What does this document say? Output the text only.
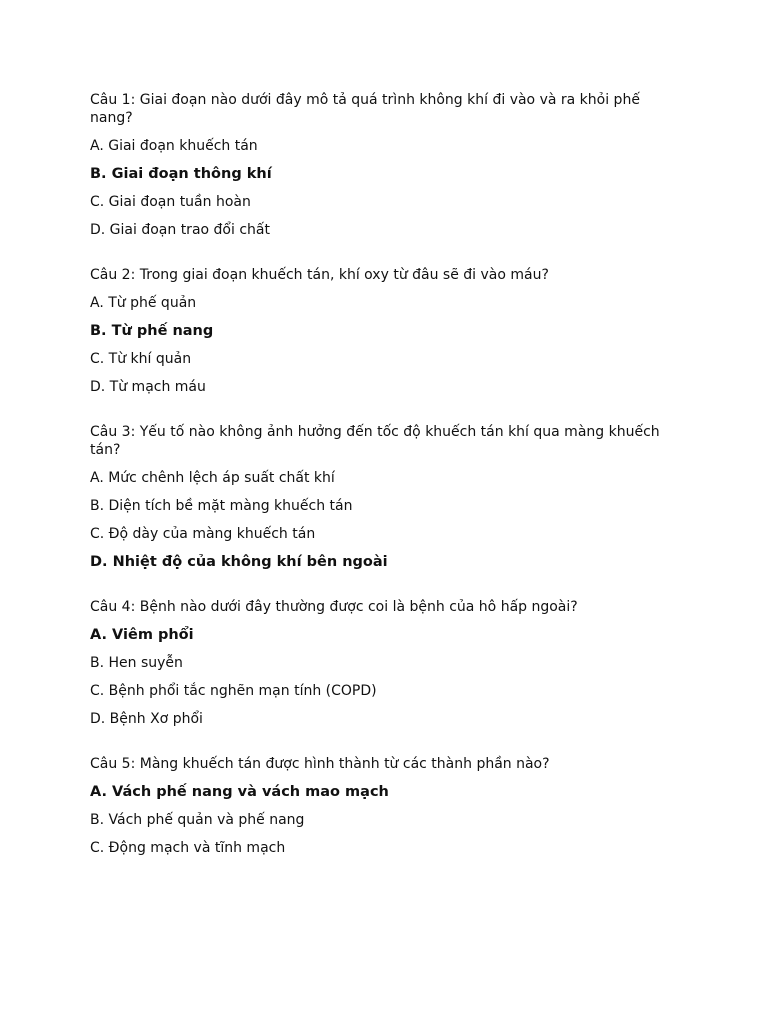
Câu 1: Giai đoạn nào dưới đây mô tả quá trình không khí đi vào và ra khỏi phế nang?

A. Giai đoạn khuếch tán

B. Giai đoạn thông khí

C. Giai đoạn tuần hoàn

D. Giai đoạn trao đổi chất

Câu 2: Trong giai đoạn khuếch tán, khí oxy từ đâu sẽ đi vào máu?

A. Từ phế quản

B. Từ phế nang

C. Từ khí quản

D. Từ mạch máu

Câu 3: Yếu tố nào không ảnh hưởng đến tốc độ khuếch tán khí qua màng khuếch tán?

A. Mức chênh lệch áp suất chất khí

B. Diện tích bề mặt màng khuếch tán

C. Độ dày của màng khuếch tán

D. Nhiệt độ của không khí bên ngoài

Câu 4: Bệnh nào dưới đây thường được coi là bệnh của hô hấp ngoài?

A. Viêm phổi

B. Hen suyễn

C. Bệnh phổi tắc nghẽn mạn tính (COPD)

D. Bệnh Xơ phổi

Câu 5: Màng khuếch tán được hình thành từ các thành phần nào?

A. Vách phế nang và vách mao mạch

B. Vách phế quản và phế nang

C. Động mạch và tĩnh mạch
